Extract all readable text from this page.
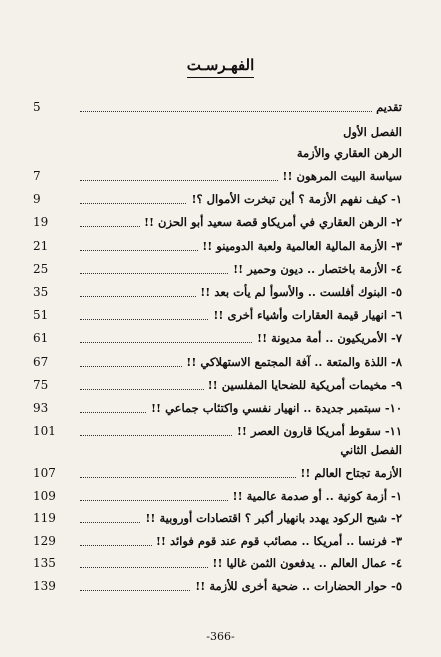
الفهـرسـت
تقديم
5
سياسة البيت المرهون !!
7
١- كيف نفهم الأزمة ؟ أين تبخرت الأموال ؟!
9
٢- الرهن العقاري في أمريكاو قصة سعيد أبو الحزن !!
19
٣- الأزمة المالية العالمية ولعبة الدومينو !!
21
٤- الأزمة باختصار .. ديون وحمير !!
25
٥- البنوك أفلست .. والأسوأ لم يأت بعد !!
35
٦- انهيار قيمة العقارات وأشياء أخرى !!
51
٧- الأمريكيون .. أمة مديونة !!
61
٨- اللذة والمتعة .. آفة المجتمع الاستهلاكي !!
67
٩- مخيمات أمريكية للضحايا المفلسين !!
75
١٠- سبتمبر جديدة .. انهيار نفسي واكتئاب جماعي !!
93
١١- سقوط أمريكا قارون العصر !!
101
الأزمة تجتاح العالم !!
107
١- أزمة كونية .. أو صدمة عالمية !!
109
٢- شبح الركود يهدد بانهيار أكبر ؟ اقتصادات أوروبية !!
119
٣- فرنسا .. أمريكا .. مصائب قوم عند قوم فوائد !!
129
٤- عمال العالم .. يدفعون الثمن غاليا !!
135
٥- حوار الحضارات .. ضحية أخرى للأزمة !!
139
الفصل الأول
الرهن العقاري والأزمة
الفصل الثاني
-366-
